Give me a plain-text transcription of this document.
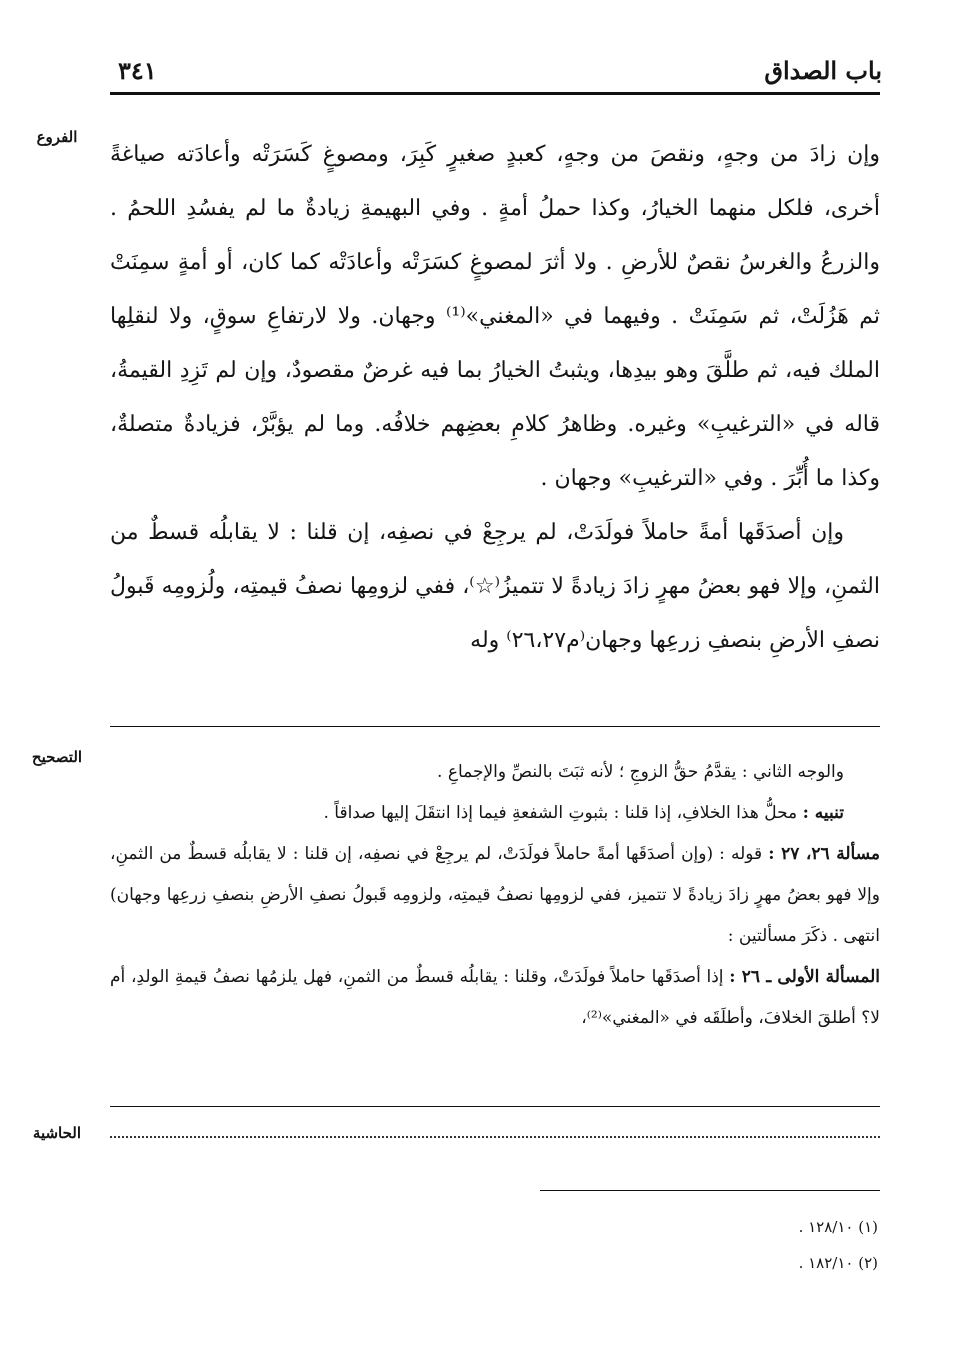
باب الصداق
٣٤١
الفروع
التصحيح
الحاشية

وإن زادَ من وجهٍ، ونقصَ من وجهٍ، كعبدٍ صغيرٍ كَبِرَ، ومصوغٍ كَسَرَتْه وأعادَته صياغةً أخرى، فلكل منهما الخيارُ، وكذا حملُ أمةٍ . وفي البهيمةِ زيادةٌ ما لم يفسُدِ اللحمُ . والزرعُ والغرسُ نقصٌ للأرضِ . ولا أثرَ لمصوغٍ كسَرَتْه وأعادَتْه كما كان، أو أمةٍ سمِنَتْ ثم هَزُلَتْ، ثم سَمِنَتْ . وفيهما في «المغني»⁽¹⁾ وجهان. ولا لارتفاعِ سوقٍ، ولا لنقلِها الملك فيه، ثم طلَّقَ وهو بيدِها، ويثبتُ الخيارُ بما فيه غرضٌ مقصودٌ، وإن لم تَزِدِ القيمةُ، قاله في «الترغيبِ» وغيره. وظاهرُ كلامِ بعضِهم خلافُه. وما لم يؤبَّرْ، فزيادةٌ متصلةٌ، وكذا ما أُبِّرَ . وفي «الترغيبِ» وجهان .

وإن أصدَقَها أمةً حاملاً فولَدَتْ، لم يرجِعْ في نصفِه، إن قلنا : لا يقابلُه قسطٌ من الثمنِ، وإلا فهو بعضُ مهرٍ زادَ زيادةً لا تتميزُ⁽☆⁾، ففي لزومِها نصفُ قيمتِه، ولُزومِه قَبولُ نصفِ الأرضِ بنصفِ زرعِها وجهان⁽م٢٦،٢٧⁾ وله

والوجه الثاني : يقدَّمُ حقُّ الزوجِ ؛ لأنه ثبَتَ بالنصِّ والإجماعِ .

تنبيه : محلُّ هذا الخلافِ، إذا قلنا : بثبوتِ الشفعةِ فيما إذا انتقَلَ إليها صداقاً .

مسألة ٢٦، ٢٧ : قوله : (وإن أصدَقَها أمةً حاملاً فولَدَتْ، لم يرجِعْ في نصفِه، إن قلنا : لا يقابلُه قسطٌ من الثمنِ، وإلا فهو بعضُ مهرٍ زادَ زيادةً لا تتميز، ففي لزومِها نصفُ قيمتِه، ولزومِه قَبولُ نصفِ الأرضِ بنصفِ زرعِها وجهان) انتهى . ذكَرَ مسألتين :

المسألة الأولى ـ ٢٦ : إذا أصدَقَها حاملاً فولَدَتْ، وقلنا : يقابلُه قسطٌ من الثمنِ، فهل يلزمُها نصفُ قيمةِ الولدِ، أم لا؟ أطلقَ الخلافَ، وأطلَقَه في «المغني»⁽²⁾،

(١) ١٢٨/١٠ .
(٢) ١٨٢/١٠ .
